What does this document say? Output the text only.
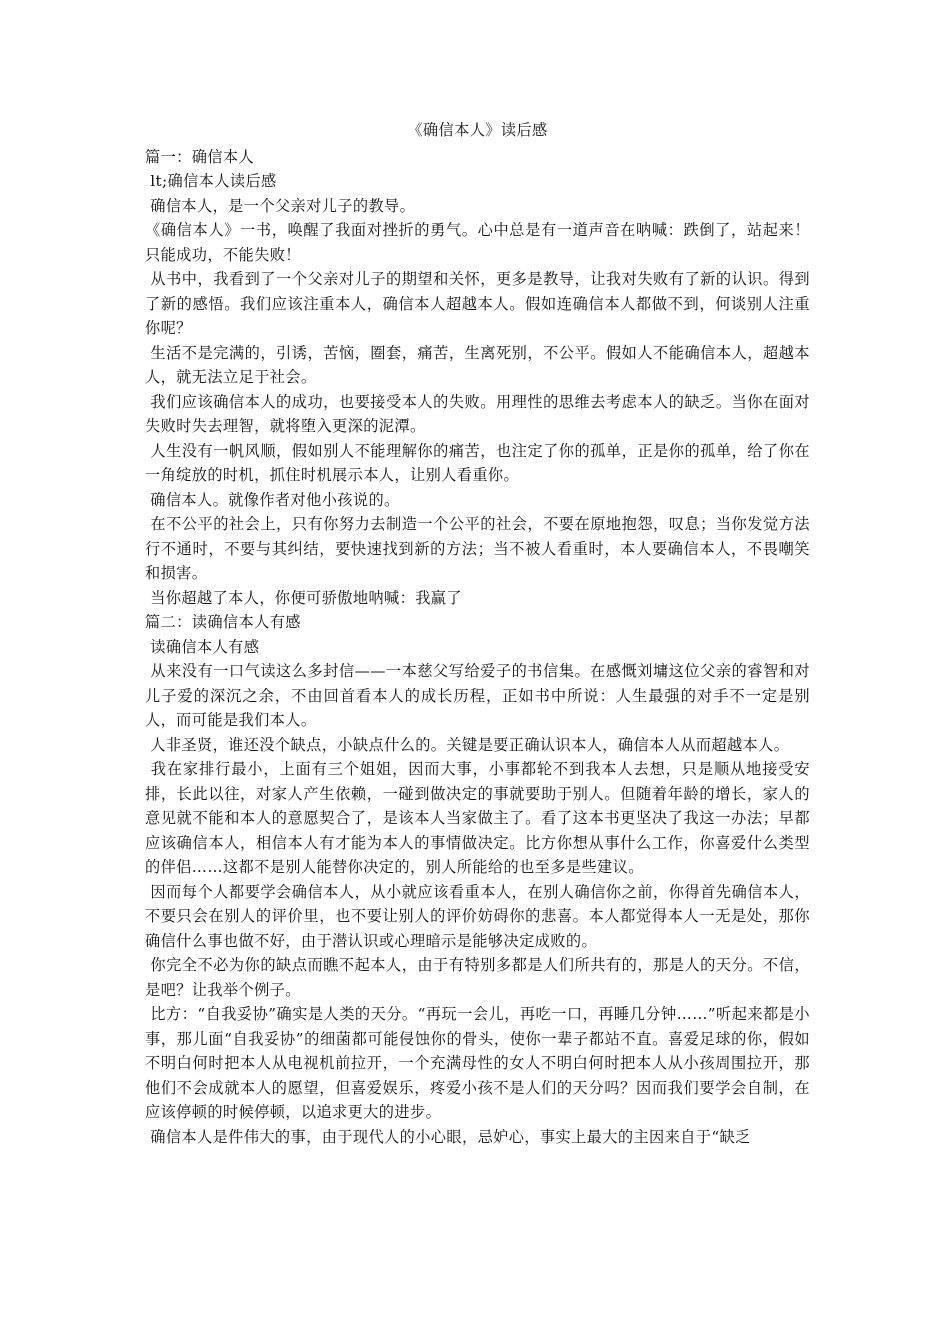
《确信本人》读后感

篇一：确信本人

lt;确信本人读后感

确信本人，是一个父亲对儿子的教导。

《确信本人》一书，唤醒了我面对挫折的勇气。心中总是有一道声音在呐喊：跌倒了，站起来！只能成功，不能失败！

从书中，我看到了一个父亲对儿子的期望和关怀，更多是教导，让我对失败有了新的认识。得到了新的感悟。我们应该注重本人，确信本人超越本人。假如连确信本人都做不到，何谈别人注重你呢？

生活不是完满的，引诱，苦恼，圈套，痛苦，生离死别，不公平。假如人不能确信本人，超越本人，就无法立足于社会。

我们应该确信本人的成功，也要接受本人的失败。用理性的思维去考虑本人的缺乏。当你在面对失败时失去理智，就将堕入更深的泥潭。

人生没有一帆风顺，假如别人不能理解你的痛苦，也注定了你的孤单，正是你的孤单，给了你在一角绽放的时机，抓住时机展示本人，让别人看重你。

确信本人。就像作者对他小孩说的。

在不公平的社会上，只有你努力去制造一个公平的社会，不要在原地抱怨，叹息；当你发觉方法行不通时，不要与其纠结，要快速找到新的方法；当不被人看重时，本人要确信本人，不畏嘲笑和损害。

当你超越了本人，你便可骄傲地呐喊：我赢了

篇二：读确信本人有感

读确信本人有感

从来没有一口气读这么多封信——一本慈父写给爱子的书信集。在感慨刘墉这位父亲的睿智和对儿子爱的深沉之余，不由回首看本人的成长历程，正如书中所说：人生最强的对手不一定是别人，而可能是我们本人。

人非圣贤，谁还没个缺点，小缺点什么的。关键是要正确认识本人，确信本人从而超越本人。

我在家排行最小，上面有三个姐姐，因而大事，小事都轮不到我本人去想，只是顺从地接受安排，长此以往，对家人产生依赖，一碰到做决定的事就要助于别人。但随着年龄的增长，家人的意见就不能和本人的意愿契合了，是该本人当家做主了。看了这本书更坚决了我这一办法；早都应该确信本人，相信本人有才能为本人的事情做决定。比方你想从事什么工作，你喜爱什么类型的伴侣……这都不是别人能替你决定的，别人所能给的也至多是些建议。

因而每个人都要学会确信本人，从小就应该看重本人，在别人确信你之前，你得首先确信本人，不要只会在别人的评价里，也不要让别人的评价妨碍你的悲喜。本人都觉得本人一无是处，那你确信什么事也做不好，由于潜认识或心理暗示是能够决定成败的。

你完全不必为你的缺点而瞧不起本人，由于有特别多都是人们所共有的，那是人的天分。不信，是吧？让我举个例子。

比方：“自我妥协”确实是人类的天分。“再玩一会儿，再吃一口，再睡几分钟……”听起来都是小事，那儿面“自我妥协”的细菌都可能侵蚀你的骨头，使你一辈子都站不直。喜爱足球的你，假如不明白何时把本人从电视机前拉开，一个充满母性的女人不明白何时把本人从小孩周围拉开，那他们不会成就本人的愿望，但喜爱娱乐，疼爱小孩不是人们的天分吗？因而我们要学会自制，在应该停顿的时候停顿，以追求更大的进步。

确信本人是件伟大的事，由于现代人的小心眼，忌妒心，事实上最大的主因来自于“缺乏
